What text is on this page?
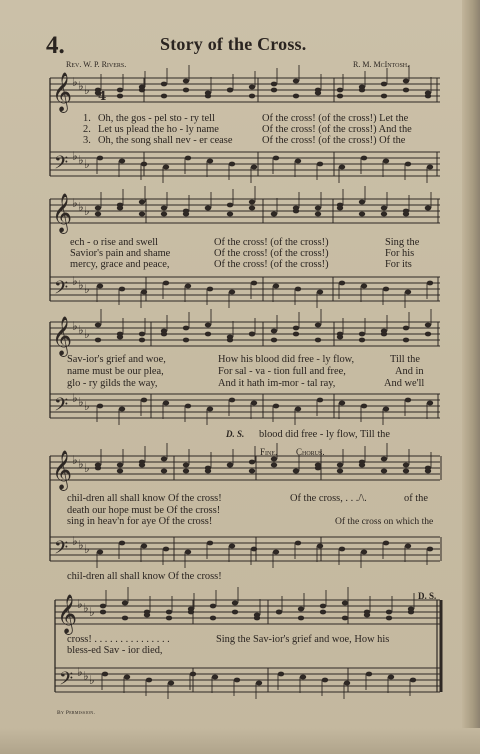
4.	Story of the Cross.
Rev. W. P. Rivers.	R. M. McIntosh.
𝄞
𝄢
♭ ♭ ♭
♭ ♭ ♭
𝄞
𝄢
♭ ♭ ♭
♭ ♭ ♭
𝄞
𝄢
♭ ♭ ♭
♭ ♭ ♭
𝄞
𝄢
♭ ♭ ♭
♭ ♭ ♭
𝄞
𝄢
♭ ♭ ♭
♭ ♭ ♭
4
1. Oh, the gos - pel sto - ry tell	Of the cross! (of the cross!) Let the
2. Let us plead the ho - ly name	Of the cross! (of the cross!) And the
3. Oh, the song shall nev - er cease	Of the cross! (of the cross!) Of the
ech - o rise and swell	Of the cross! (of the cross!)	Sing the
Savior's pain and shame	Of the cross! (of the cross!)	For his
mercy, grace and peace,	Of the cross! (of the cross!)	For its
Sav-ior's grief and woe,	How his blood did free - ly flow,	Till the
name must be our plea,	For sal - va - tion full and free,	And in
glo - ry gilds the way,	And it hath im-mor - tal ray,	And we'll
D. S. blood did free - ly flow, Till the
Fine. Chorus.
chil-dren all shall know Of the cross!	Of the cross, . . ./\.	of the
death our hope must be Of the cross!
sing in heav'n for aye Of the cross!	Of the cross on which the
chil-dren all shall know Of the cross!
D. S.
cross! . . . . . . . . . . . . . . .	Sing the Sav-ior's grief and woe, How his
bless-ed Sav - ior died,
By Permission.
